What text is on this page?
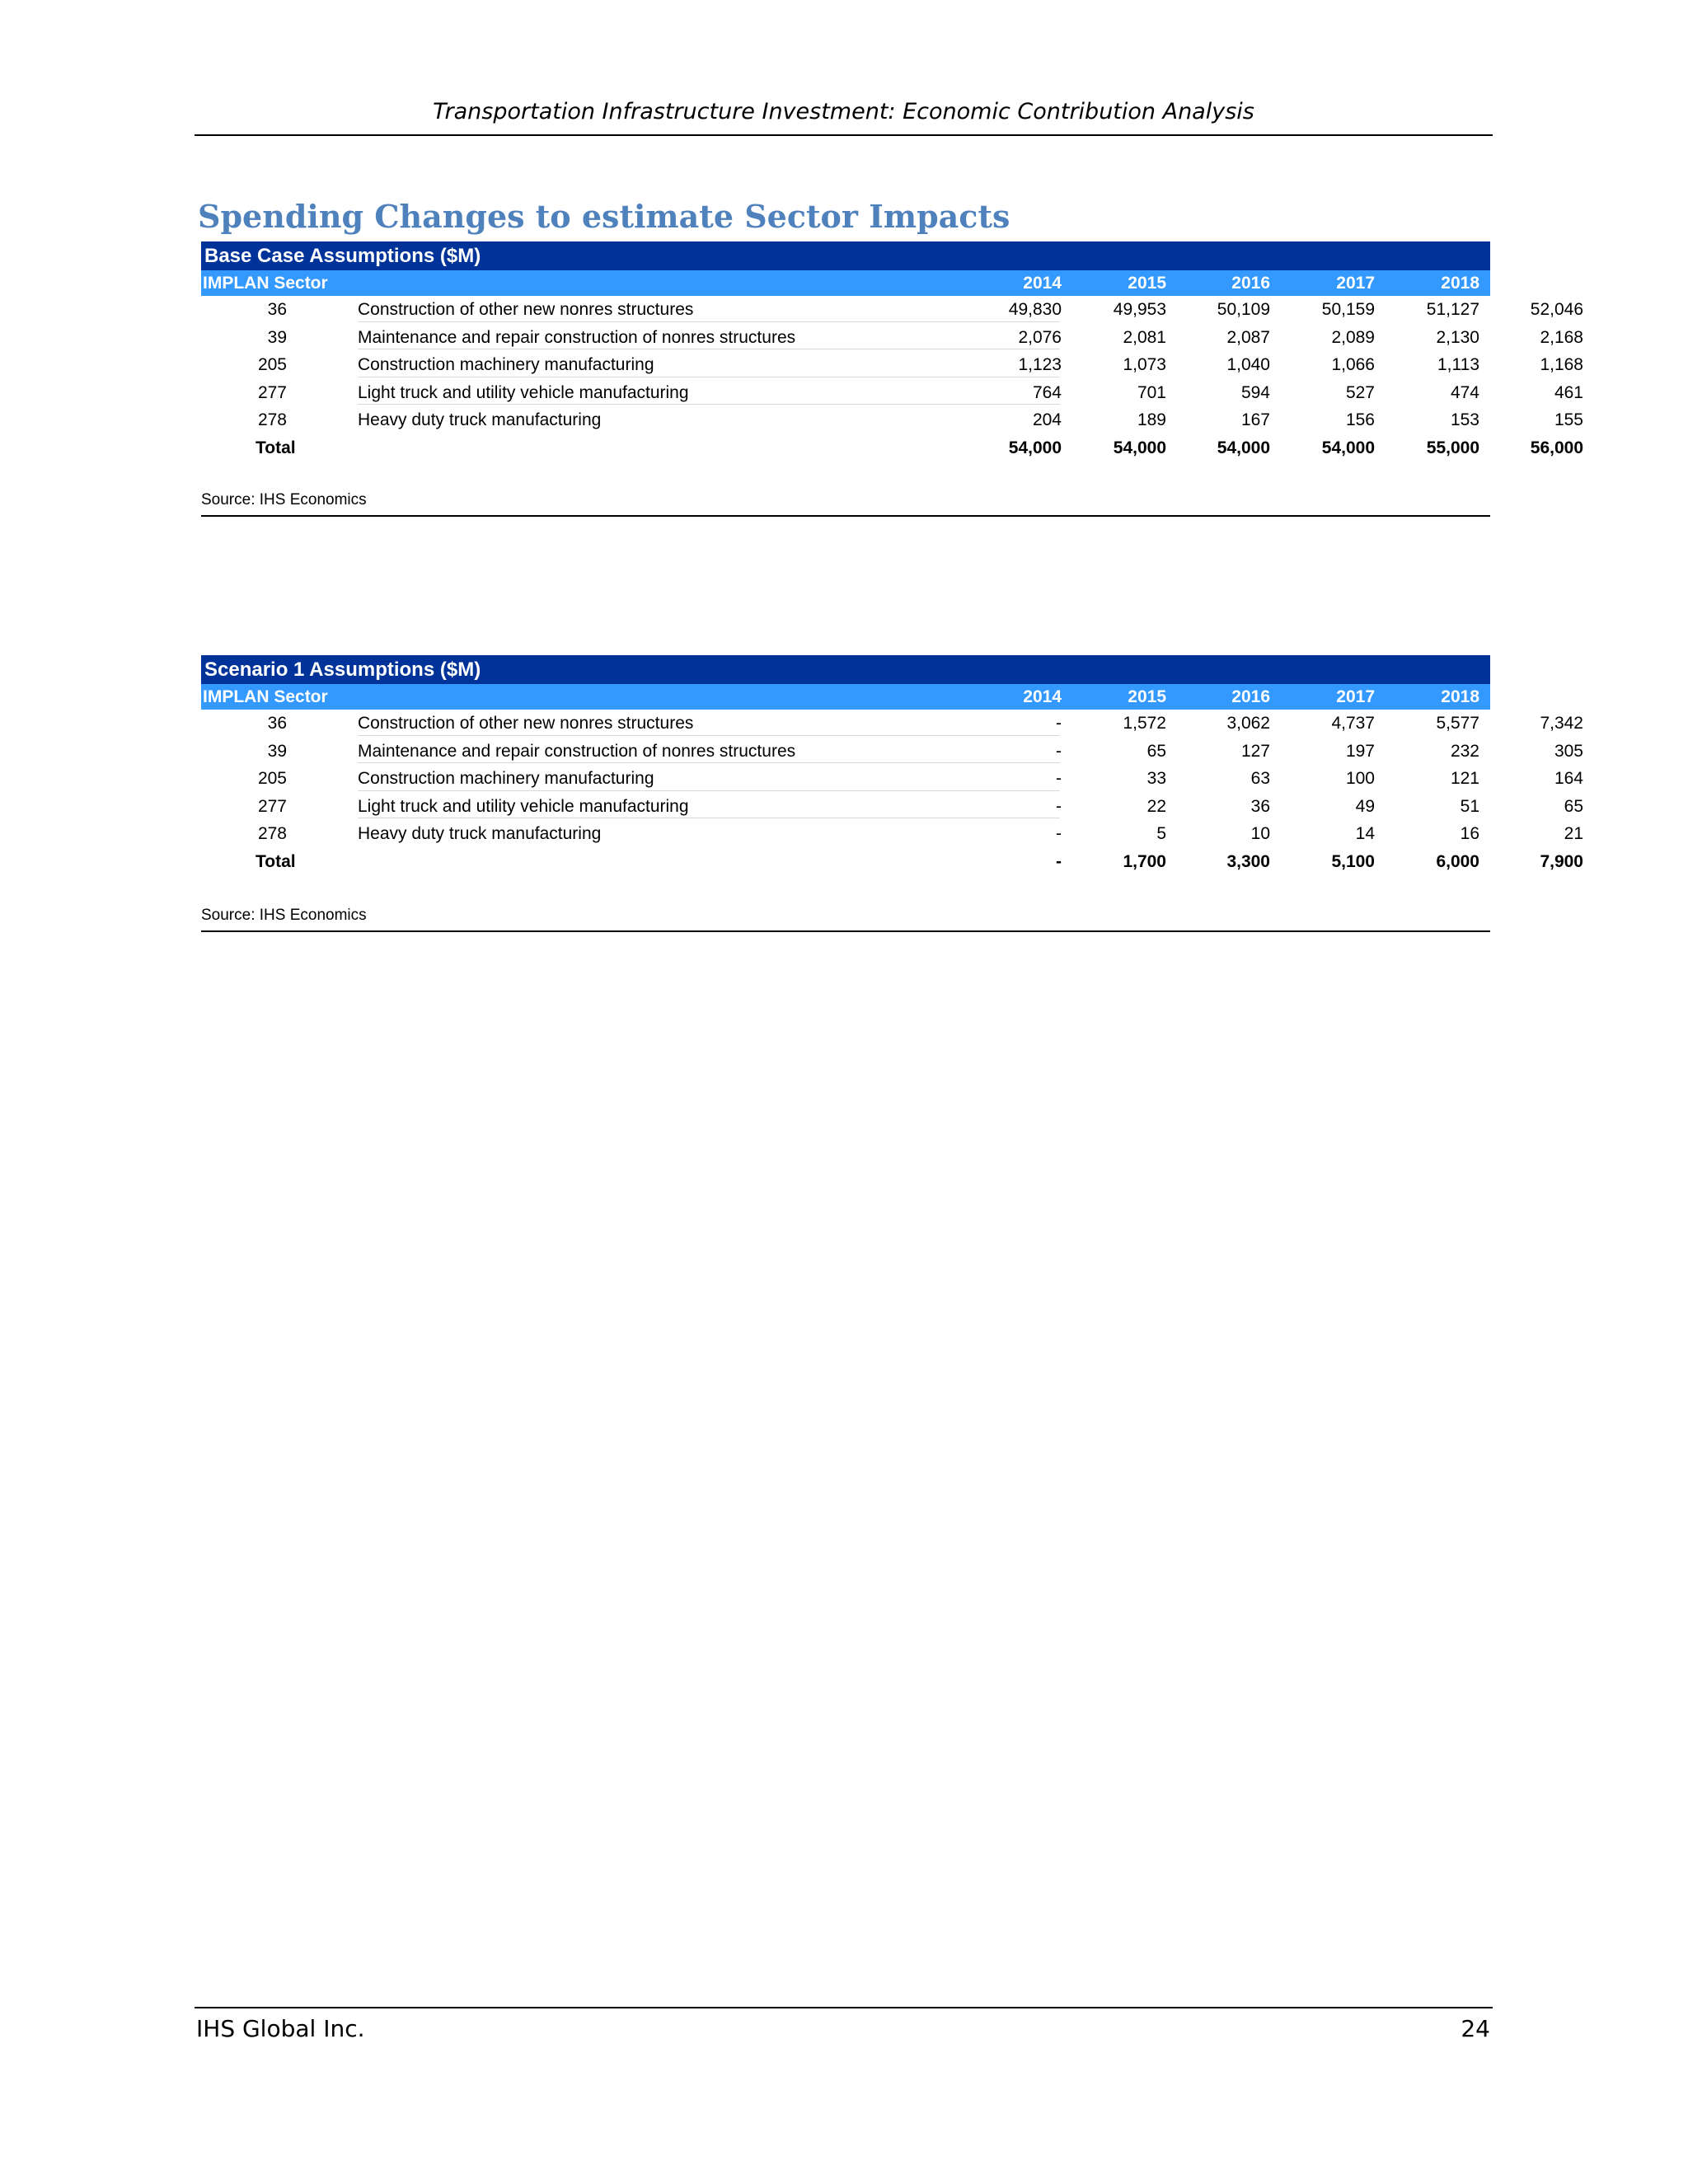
Transportation Infrastructure Investment: Economic Contribution Analysis
Spending Changes to estimate Sector Impacts
Base Case Assumptions ($M)
IMPLAN Sector	2014	2015	2016	2017	2018	2019
36	Construction of other new nonres structures	49,830	49,953	50,109	50,159	51,127	52,046
39	Maintenance and repair construction of nonres structures	2,076	2,081	2,087	2,089	2,130	2,168
205	Construction machinery manufacturing	1,123	1,073	1,040	1,066	1,113	1,168
277	Light truck and utility vehicle manufacturing	764	701	594	527	474	461
278	Heavy duty truck manufacturing	204	189	167	156	153	155
Total	54,000	54,000	54,000	54,000	55,000	56,000
Source: IHS Economics
Scenario 1 Assumptions ($M)
IMPLAN Sector	2014	2015	2016	2017	2018	2019
36	Construction of other new nonres structures	-	1,572	3,062	4,737	5,577	7,342
39	Maintenance and repair construction of nonres structures	-	65	127	197	232	305
205	Construction machinery manufacturing	-	33	63	100	121	164
277	Light truck and utility vehicle manufacturing	-	22	36	49	51	65
278	Heavy duty truck manufacturing	-	5	10	14	16	21
Total	-	1,700	3,300	5,100	6,000	7,900
Source: IHS Economics
IHS Global Inc.	24
